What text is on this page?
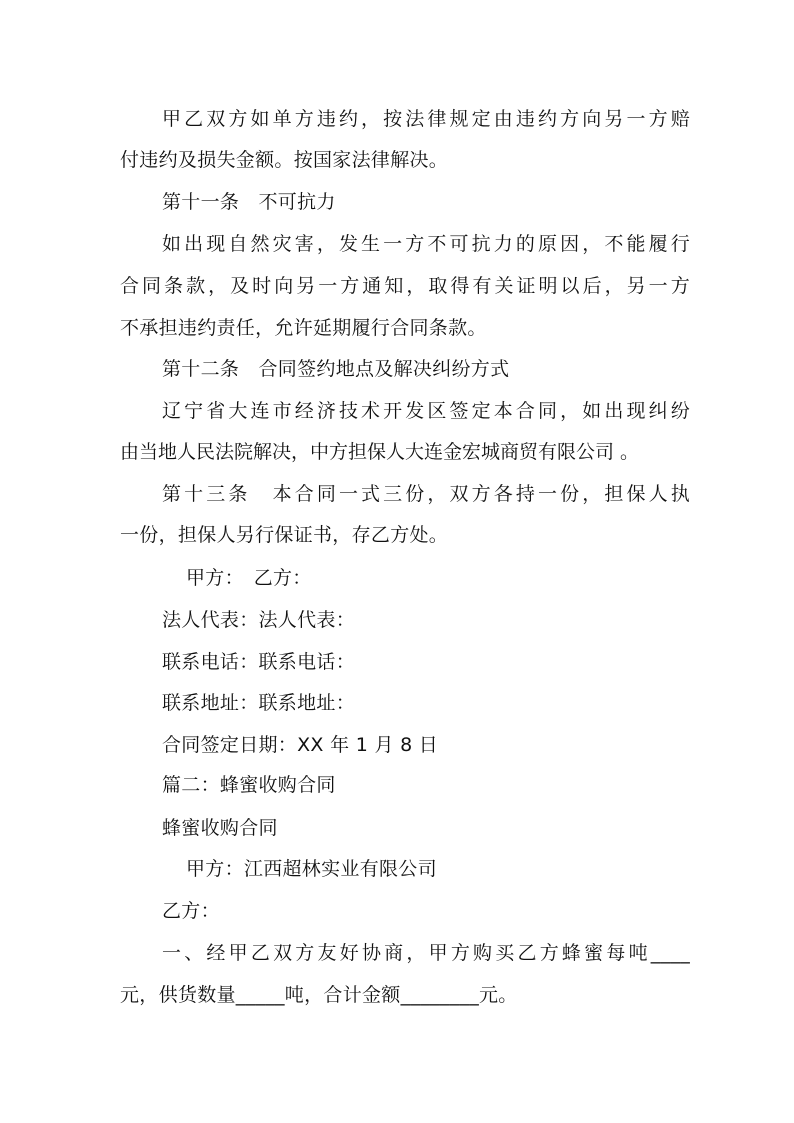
甲乙双方如单方违约，按法律规定由违约方向另一方赔
付违约及损失金额。按国家法律解决。
第十一条　不可抗力
如出现自然灾害，发生一方不可抗力的原因，不能履行
合同条款，及时向另一方通知，取得有关证明以后，另一方
不承担违约责任，允许延期履行合同条款。
第十二条　合同签约地点及解决纠纷方式
辽宁省大连市经济技术开发区签定本合同，如出现纠纷
由当地人民法院解决，中方担保人大连金宏城商贸有限公司 。
第十三条　本合同一式三份，双方各持一份，担保人执
一份，担保人另行保证书，存乙方处。
甲方：　乙方：
法人代表：法人代表：
联系电话：联系电话：
联系地址：联系地址：
合同签定日期：XX 年 1 月 8 日
篇二：蜂蜜收购合同
蜂蜜收购合同
甲方：江西超林实业有限公司
乙方：
一、经甲乙双方友好协商，甲方购买乙方蜂蜜每吨____
元，供货数量_____吨，合计金额________元。
